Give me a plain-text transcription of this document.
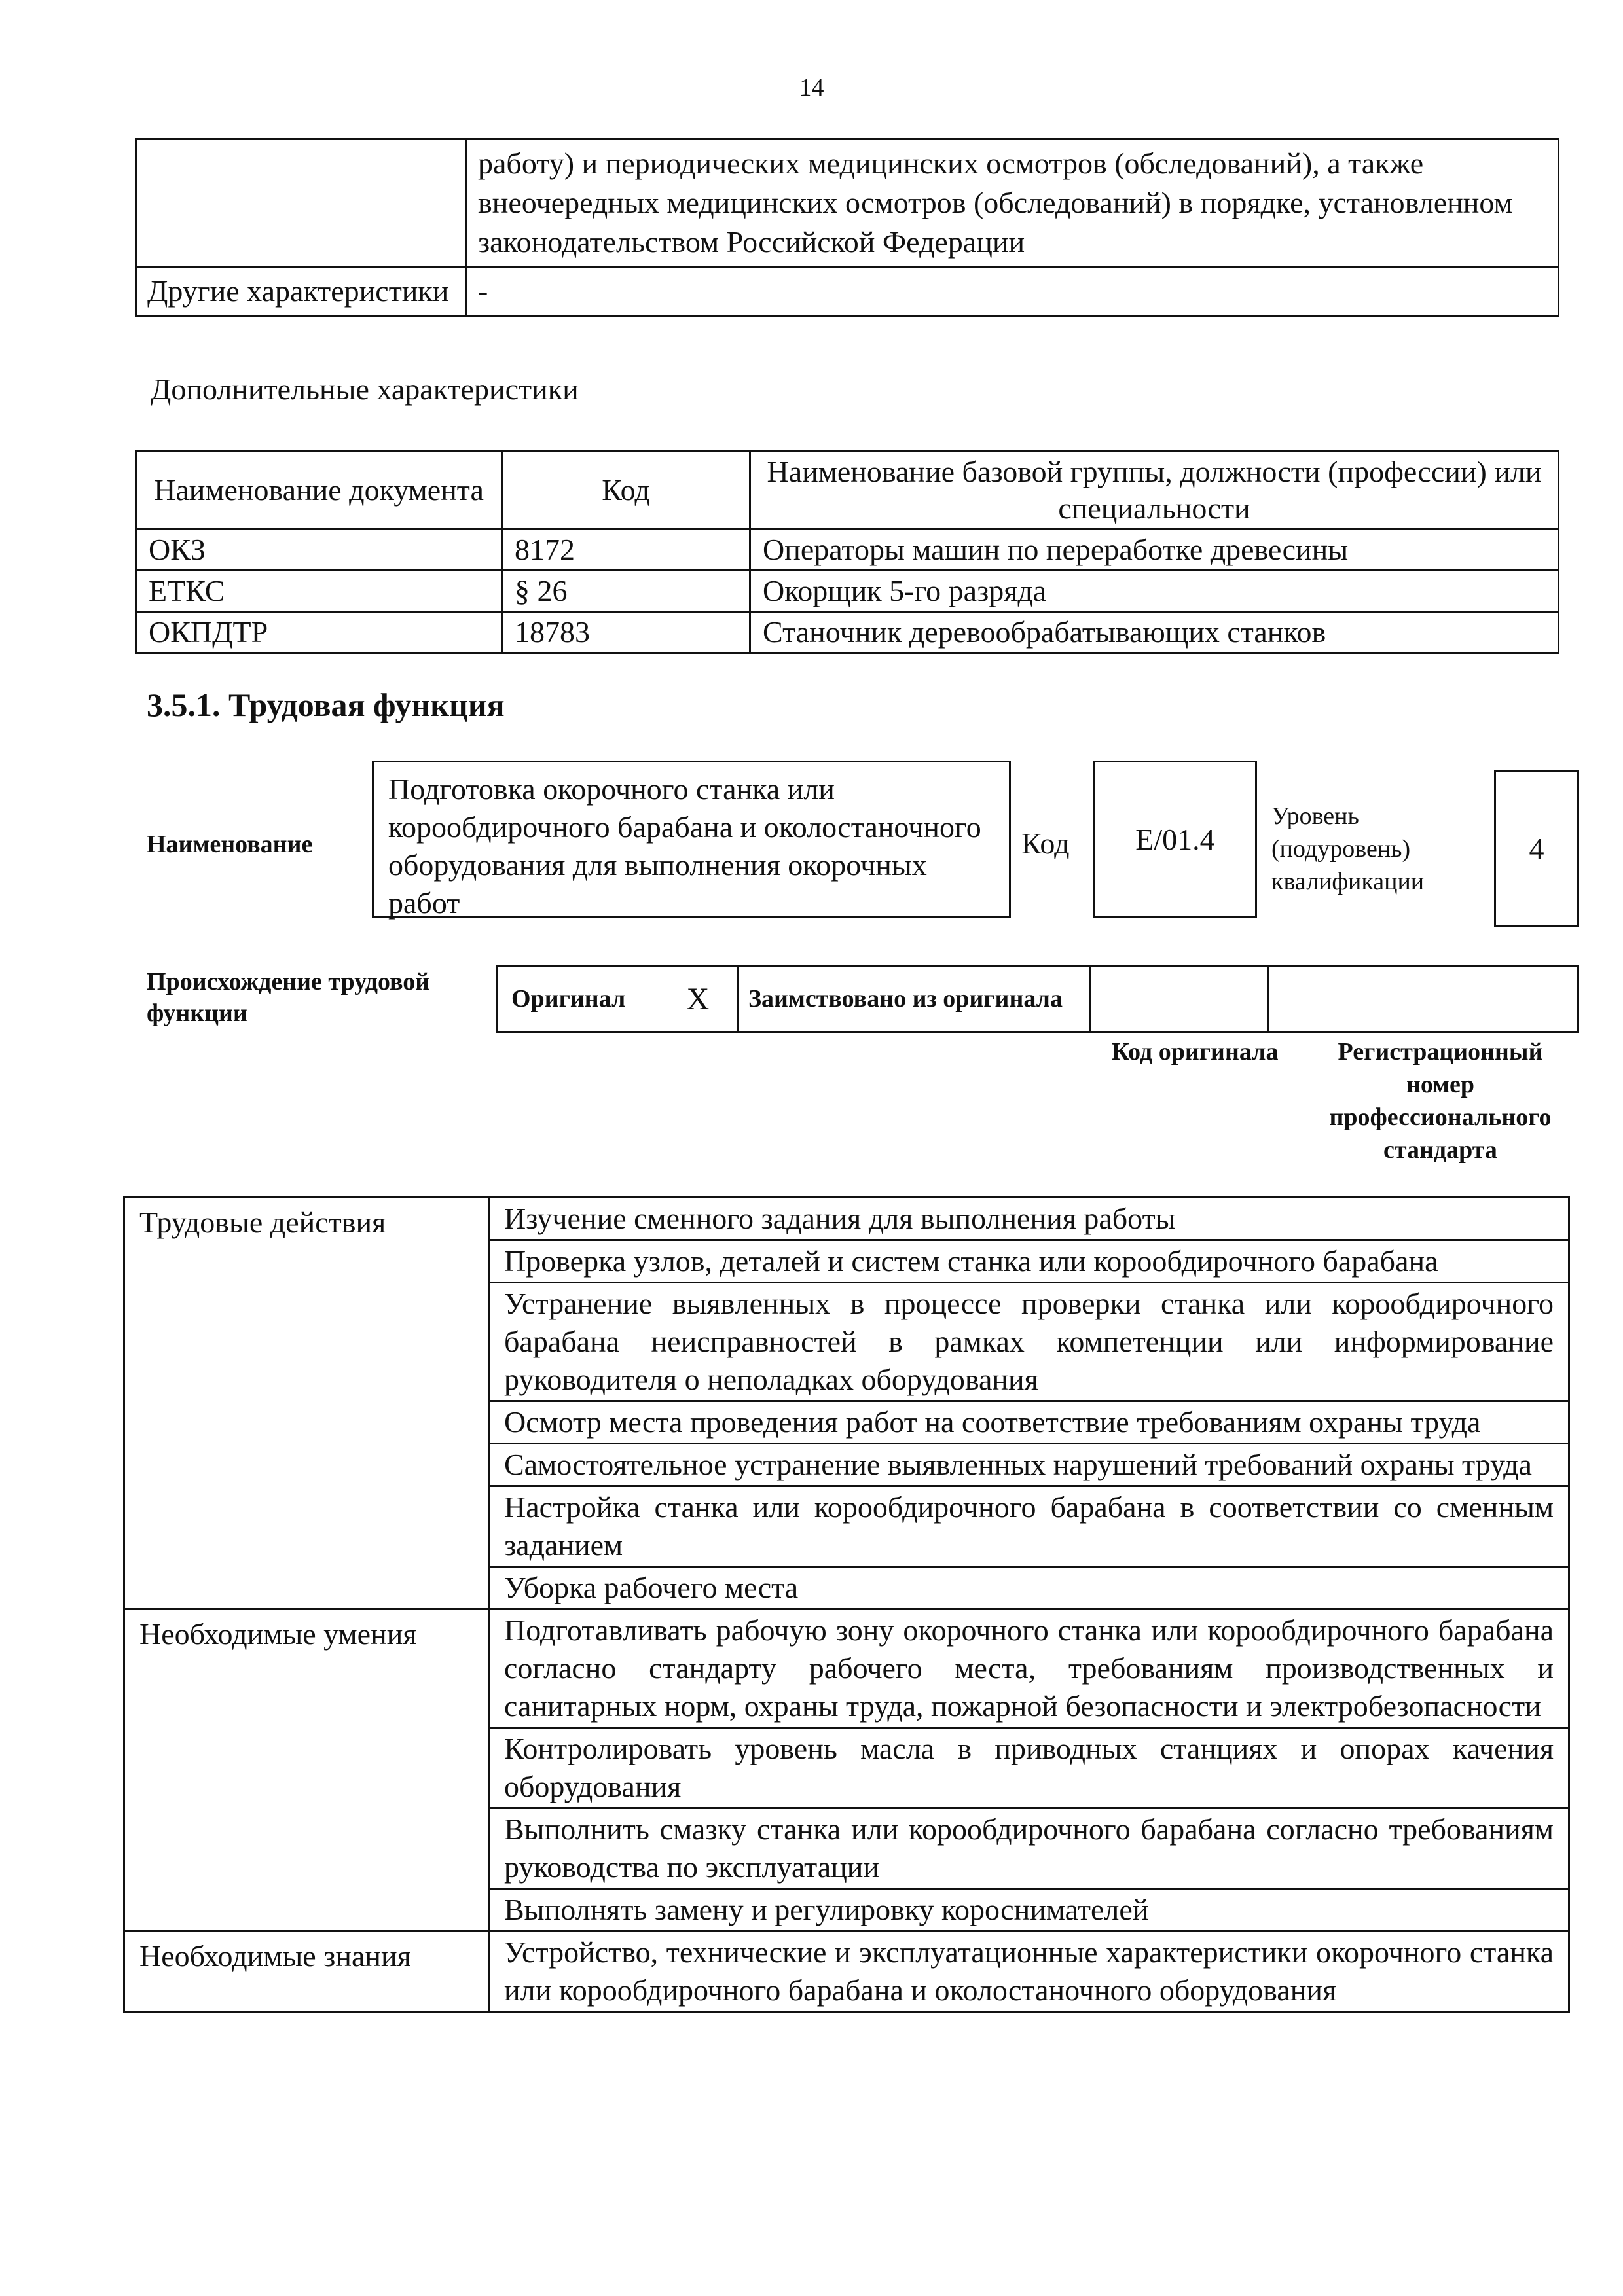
14
	работу) и периодических медицинских осмотров (обследований), а также внеочередных медицинских осмотров (обследований) в порядке, установленном законодательством Российской Федерации
Другие характеристики	-
Дополнительные характеристики
Наименование документа	Код	Наименование базовой группы, должности (профессии) или специальности
ОКЗ	8172	Операторы машин по переработке древесины
ЕТКС	§ 26	Окорщик 5-го разряда
ОКПДТР	18783	Станочник деревообрабатывающих станков
3.5.1. Трудовая функция
Наименование
Подготовка окорочного станка или корообдирочного барабана и околостаночного оборудования для выполнения окорочных работ
Код	E/01.4
Уровень (подуровень) квалификации
4
Происхождение трудовой функции
Оригинал	X	Заимствовано из оригинала		
Код оригинала	Регистрационный номер профессионального стандарта
Трудовые действия	Изучение сменного задания для выполнения работы
	Проверка узлов, деталей и систем станка или корообдирочного барабана
	Устранение выявленных в процессе проверки станка или корообдирочного барабана неисправностей в рамках компетенции или информирование руководителя о неполадках оборудования
	Осмотр места проведения работ на соответствие требованиям охраны труда
	Самостоятельное устранение выявленных нарушений требований охраны труда
	Настройка станка или корообдирочного барабана в соответствии со сменным заданием
	Уборка рабочего места
Необходимые умения	Подготавливать рабочую зону окорочного станка или корообдирочного барабана согласно стандарту рабочего места, требованиям производственных и санитарных норм, охраны труда, пожарной безопасности и электробезопасности
	Контролировать уровень масла в приводных станциях и опорах качения оборудования
	Выполнить смазку станка или корообдирочного барабана согласно требованиям руководства по эксплуатации
	Выполнять замену и регулировку короснимателей
Необходимые знания	Устройство, технические и эксплуатационные характеристики окорочного станка или корообдирочного барабана и околостаночного оборудования
